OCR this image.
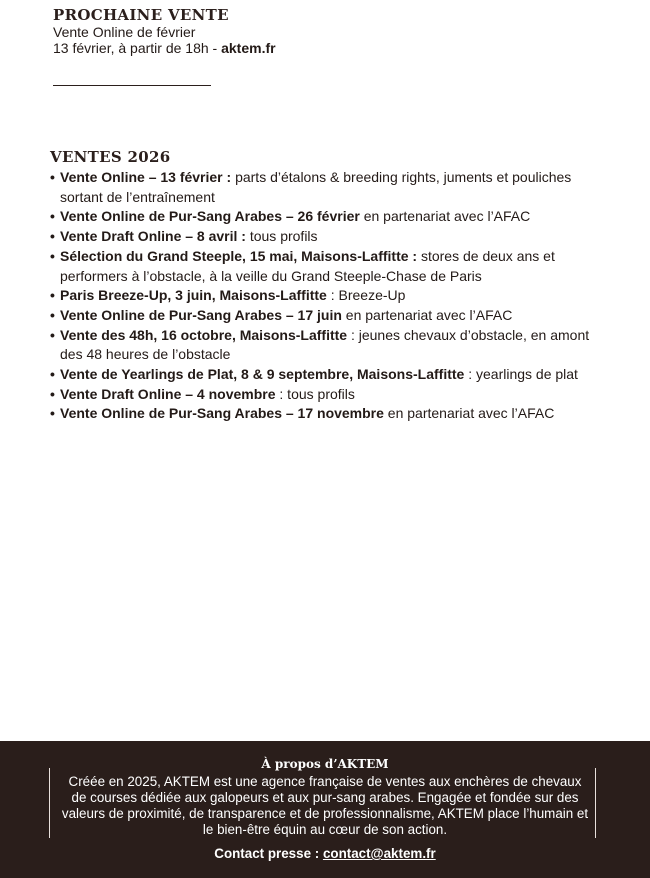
PROCHAINE VENTE
Vente Online de février
13 février, à partir de 18h - aktem.fr
VENTES 2026
• Vente Online – 13 février : parts d’étalons & breeding rights, juments et pouliches sortant de l’entraînement
• Vente Online de Pur-Sang Arabes – 26 février en partenariat avec l’AFAC
• Vente Draft Online – 8 avril : tous profils
• Sélection du Grand Steeple, 15 mai, Maisons-Laffitte : stores de deux ans et performers à l’obstacle, à la veille du Grand Steeple-Chase de Paris
• Paris Breeze-Up, 3 juin, Maisons-Laffitte : Breeze-Up
• Vente Online de Pur-Sang Arabes – 17 juin en partenariat avec l’AFAC
• Vente des 48h, 16 octobre, Maisons-Laffitte : jeunes chevaux d’obstacle, en amont des 48 heures de l’obstacle
• Vente de Yearlings de Plat, 8 & 9 septembre, Maisons-Laffitte : yearlings de plat
• Vente Draft Online – 4 novembre : tous profils
• Vente Online de Pur-Sang Arabes – 17 novembre en partenariat avec l’AFAC
À propos d’AKTEM
Créée en 2025, AKTEM est une agence française de ventes aux enchères de chevaux de courses dédiée aux galopeurs et aux pur-sang arabes. Engagée et fondée sur des valeurs de proximité, de transparence et de professionnalisme, AKTEM place l’humain et le bien-être équin au cœur de son action.
Contact presse : contact@aktem.fr
